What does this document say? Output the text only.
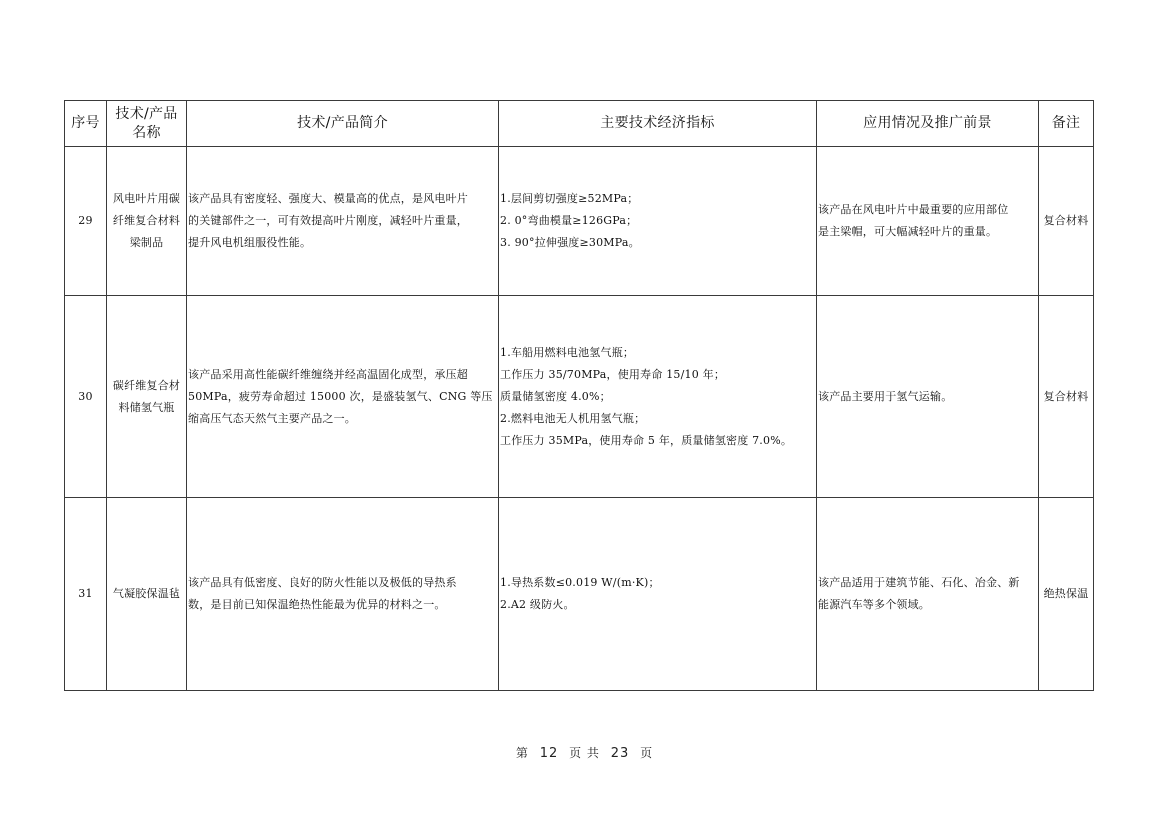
序号	技术/产品
名称	技术/产品简介	主要技术经济指标	应用情况及推广前景	备注
29	风电叶片用碳
纤维复合材料
梁制品	该产品具有密度轻、强度大、模量高的优点，是风电叶片
的关键部件之一，可有效提高叶片刚度，减轻叶片重量，
提升风电机组服役性能。	1.层间剪切强度≥52MPa；
2. 0°弯曲模量≥126GPa；
3. 90°拉伸强度≥30MPa。	该产品在风电叶片中最重要的应用部位
是主梁帽，可大幅减轻叶片的重量。	复合材料
30	碳纤维复合材
料储氢气瓶	该产品采用高性能碳纤维缠绕并经高温固化成型，承压超
50MPa，疲劳寿命超过 15000 次，是盛装氢气、CNG 等压
缩高压气态天然气主要产品之一。	1.车船用燃料电池氢气瓶；
工作压力 35/70MPa，使用寿命 15/10 年；
质量储氢密度 4.0%；
2.燃料电池无人机用氢气瓶；
工作压力 35MPa，使用寿命 5 年，质量储氢密度 7.0%。	该产品主要用于氢气运输。	复合材料
31	气凝胶保温毡	该产品具有低密度、良好的防火性能以及极低的导热系
数，是目前已知保温绝热性能最为优异的材料之一。	1.导热系数≤0.019 W/(m·K)；
2.A2 级防火。	该产品适用于建筑节能、石化、冶金、新
能源汽车等多个领域。	绝热保温
第 12 页 共 23 页
